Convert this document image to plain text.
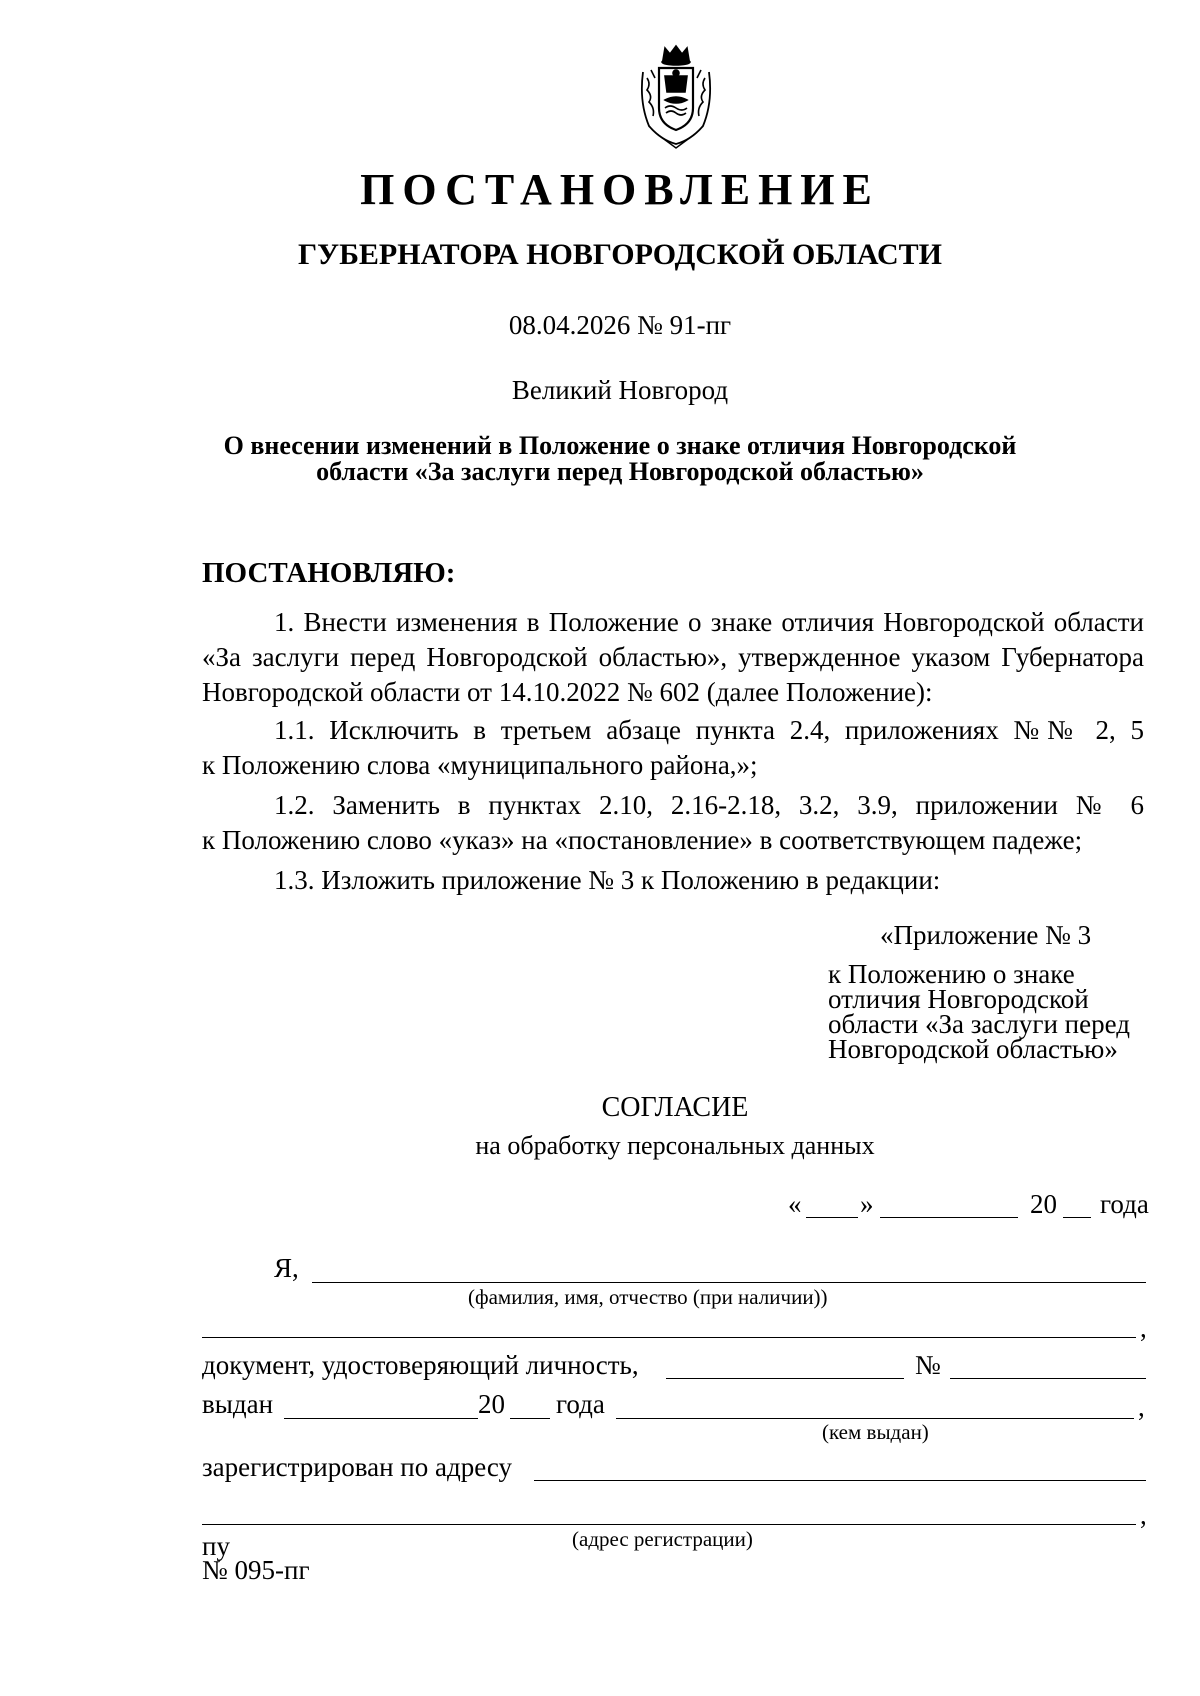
ПОСТАНОВЛЕНИЕ
ГУБЕРНАТОРА НОВГОРОДСКОЙ ОБЛАСТИ
08.04.2026 № 91-пг
Великий Новгород
О внесении изменений в Положение о знаке отличия Новгородской
области «За заслуги перед Новгородской областью»
ПОСТАНОВЛЯЮ:
1. Внести изменения в Положение о знаке отличия Новгородской области «За заслуги перед Новгородской областью», утвержденное указом Губернатора Новгородской области от 14.10.2022 № 602 (далее Положение):
1.1. Исключить в третьем абзаце пункта 2.4, приложениях №№ 2, 5
к Положению слова «муниципального района,»;
1.2. Заменить в пунктах 2.10, 2.16-2.18, 3.2, 3.9, приложении № 6
к Положению слово «указ» на «постановление» в соответствующем падеже;
1.3. Изложить приложение № 3 к Положению в редакции:
«Приложение № 3
к Положению о знаке отличия Новгородской области «За заслуги перед Новгородской областью»
СОГЛАСИЕ
на обработку персональных данных
« »	20 года
Я,
(фамилия, имя, отчество (при наличии))
,
документ, удостоверяющий личность,	№
выдан	20 года	,
(кем выдан)
зарегистрирован по адресу
,
(адрес регистрации)
пу
№ 095-пг
